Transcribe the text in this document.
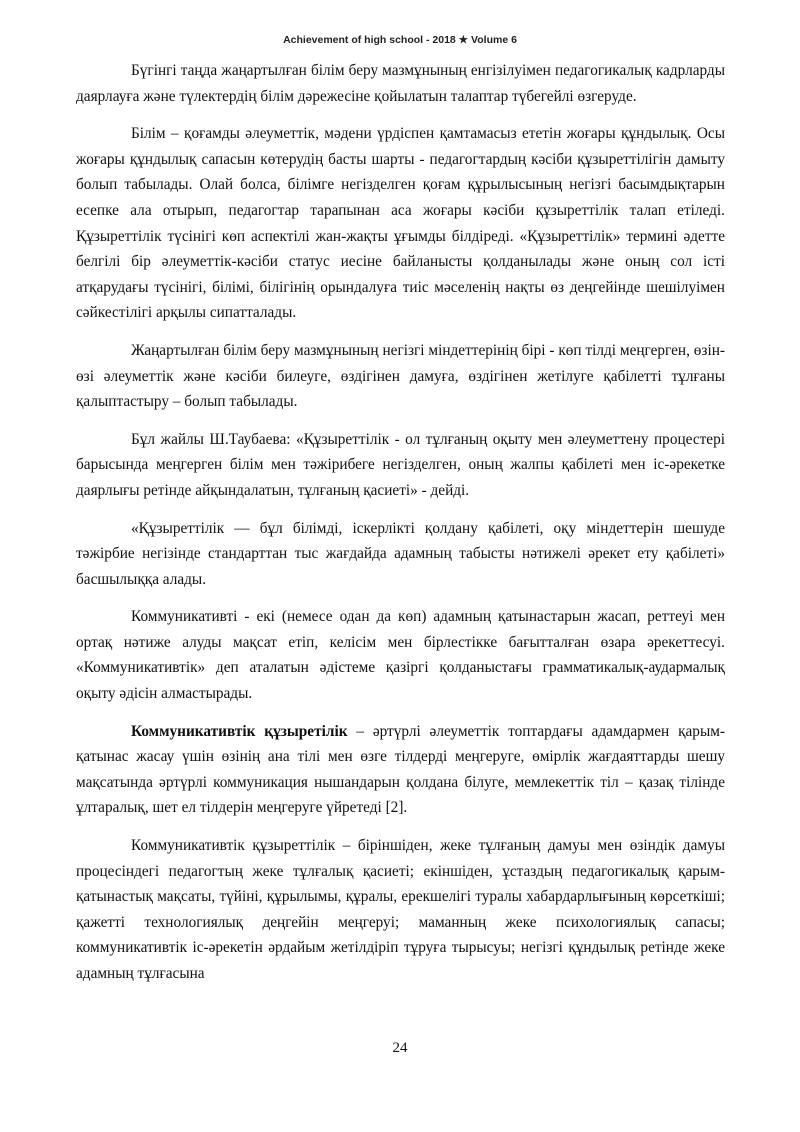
Achievement of high school - 2018 ★ Volume 6

Бүгінгі таңда жаңартылған білім беру мазмұнының енгізілуімен педагогикалық кадрларды даярлауға және түлектердің білім дәрежесіне қойылатын талаптар түбегейлі өзгеруде.

Білім – қоғамды әлеуметтік, мәдени үрдіспен қамтамасыз ететін жоғары құндылық. Осы жоғары құндылық сапасын көтерудің басты шарты - педагогтардың кәсіби құзыреттілігін дамыту болып табылады. Олай болса, білімге негізделген қоғам құрылысының негізгі басымдықтарын есепке ала отырып, педагогтар тарапынан аса жоғары кәсіби құзыреттілік талап етіледі.
Құзыреттілік түсінігі көп аспектілі жан-жақты ұғымды білдіреді. «Құзыреттілік» термині әдетте белгілі бір әлеуметтік-кәсіби статус иесіне байланысты қолданылады және оның сол істі атқарудағы түсінігі, білімі, білігінің орындалуға тиіс мәселенің нақты өз деңгейінде шешілуімен сәйкестілігі арқылы сипатталады.

Жаңартылған білім беру мазмұнының негізгі міндеттерінің бірі - көп тілді меңгерген, өзін-өзі әлеуметтік және кәсіби билеуге, өздігінен дамуға, өздігінен жетілуге қабілетті тұлғаны қалыптастыру – болып табылады.

Бұл жайлы Ш.Таубаева: «Құзыреттілік - ол тұлғаның оқыту мен әлеуметтену процестері барысында меңгерген білім мен тәжірибеге негізделген, оның жалпы қабілеті мен іс-әрекетке даярлығы ретінде айқындалатын, тұлғаның қасиеті» - дейді.

«Құзыреттілік — бұл білімді, іскерлікті қолдану қабілеті, оқу міндеттерін шешуде тәжірбие негізінде стандарттан тыс жағдайда адамның табысты нәтижелі әрекет ету қабілеті» басшылыққа алады.

Коммуникативті - екі (немесе одан да көп) адамның қатынастарын жасап, реттеуі мен ортақ нәтиже алуды мақсат етіп, келісім мен бірлестікке бағытталған өзара әрекеттесуі. «Коммуникативтік» деп аталатын әдістеме қазіргі қолданыстағы грамматикалық-аудармалық оқыту әдісін алмастырады.

Коммуникативтік құзыретілік – әртүрлі әлеуметтік топтардағы адамдармен қарым-қатынас жасау үшін өзінің ана тілі мен өзге тілдерді меңгеруге, өмірлік жағдаяттарды шешу мақсатында әртүрлі коммуникация нышандарын қолдана білуге, мемлекеттік тіл – қазақ тілінде ұлтаралық, шет ел тілдерін меңгеруге үйретеді [2].

Коммуникативтік құзыреттілік – біріншіден, жеке тұлғаның дамуы мен өзіндік дамуы процесіндегі педагогтың жеке тұлғалық қасиеті; екіншіден, ұстаздың педагогикалық қарым-қатынастық мақсаты, түйіні, құрылымы, құралы, ерекшелігі туралы хабардарлығының көрсеткіші; қажетті технологиялық деңгейін меңгеруі; маманның жеке психологиялық сапасы; коммуникативтік іс-әрекетін әрдайым жетілдіріп тұруға тырысуы; негізгі құндылық ретінде жеке адамның тұлғасына

24
